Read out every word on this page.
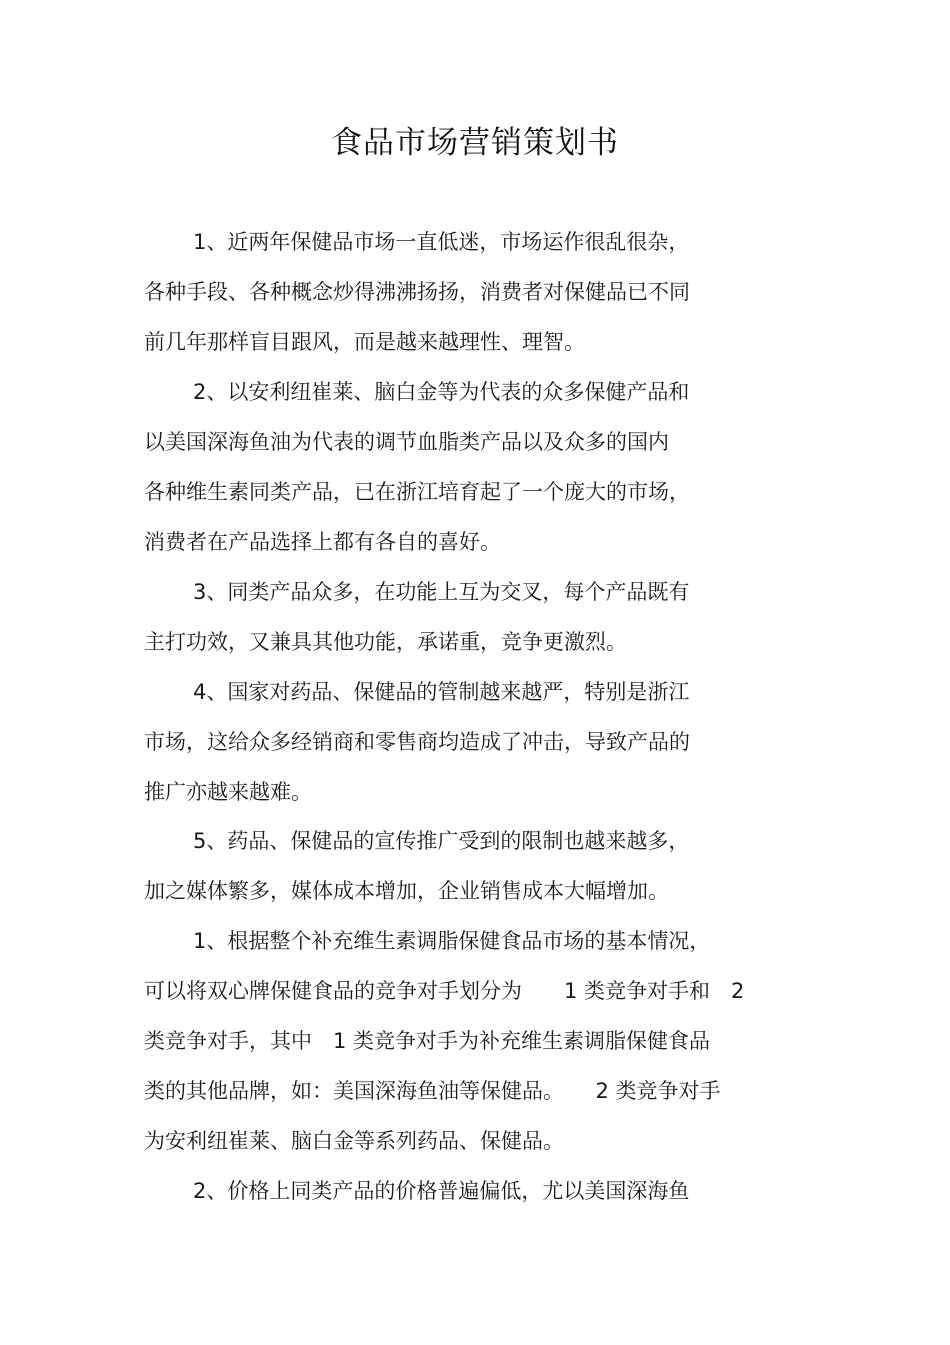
食品市场营销策划书
1、近两年保健品市场一直低迷，市场运作很乱很杂，
各种手段、各种概念炒得沸沸扬扬，消费者对保健品已不同
前几年那样盲目跟风，而是越来越理性、理智。
2、以安利纽崔莱、脑白金等为代表的众多保健产品和
以美国深海鱼油为代表的调节血脂类产品以及众多的国内
各种维生素同类产品，已在浙江培育起了一个庞大的市场，
消费者在产品选择上都有各自的喜好。
3、同类产品众多，在功能上互为交叉，每个产品既有
主打功效，又兼具其他功能，承诺重，竞争更激烈。
4、国家对药品、保健品的管制越来越严，特别是浙江
市场，这给众多经销商和零售商均造成了冲击，导致产品的
推广亦越来越难。
5、药品、保健品的宣传推广受到的限制也越来越多，
加之媒体繁多，媒体成本增加，企业销售成本大幅增加。
1、根据整个补充维生素调脂保健食品市场的基本情况，
可以将双心牌保健食品的竞争对手划分为　　1 类竞争对手和　2
类竞争对手，其中　1 类竞争对手为补充维生素调脂保健食品
类的其他品牌，如：美国深海鱼油等保健品。　　2 类竞争对手
为安利纽崔莱、脑白金等系列药品、保健品。
2、价格上同类产品的价格普遍偏低，尤以美国深海鱼
